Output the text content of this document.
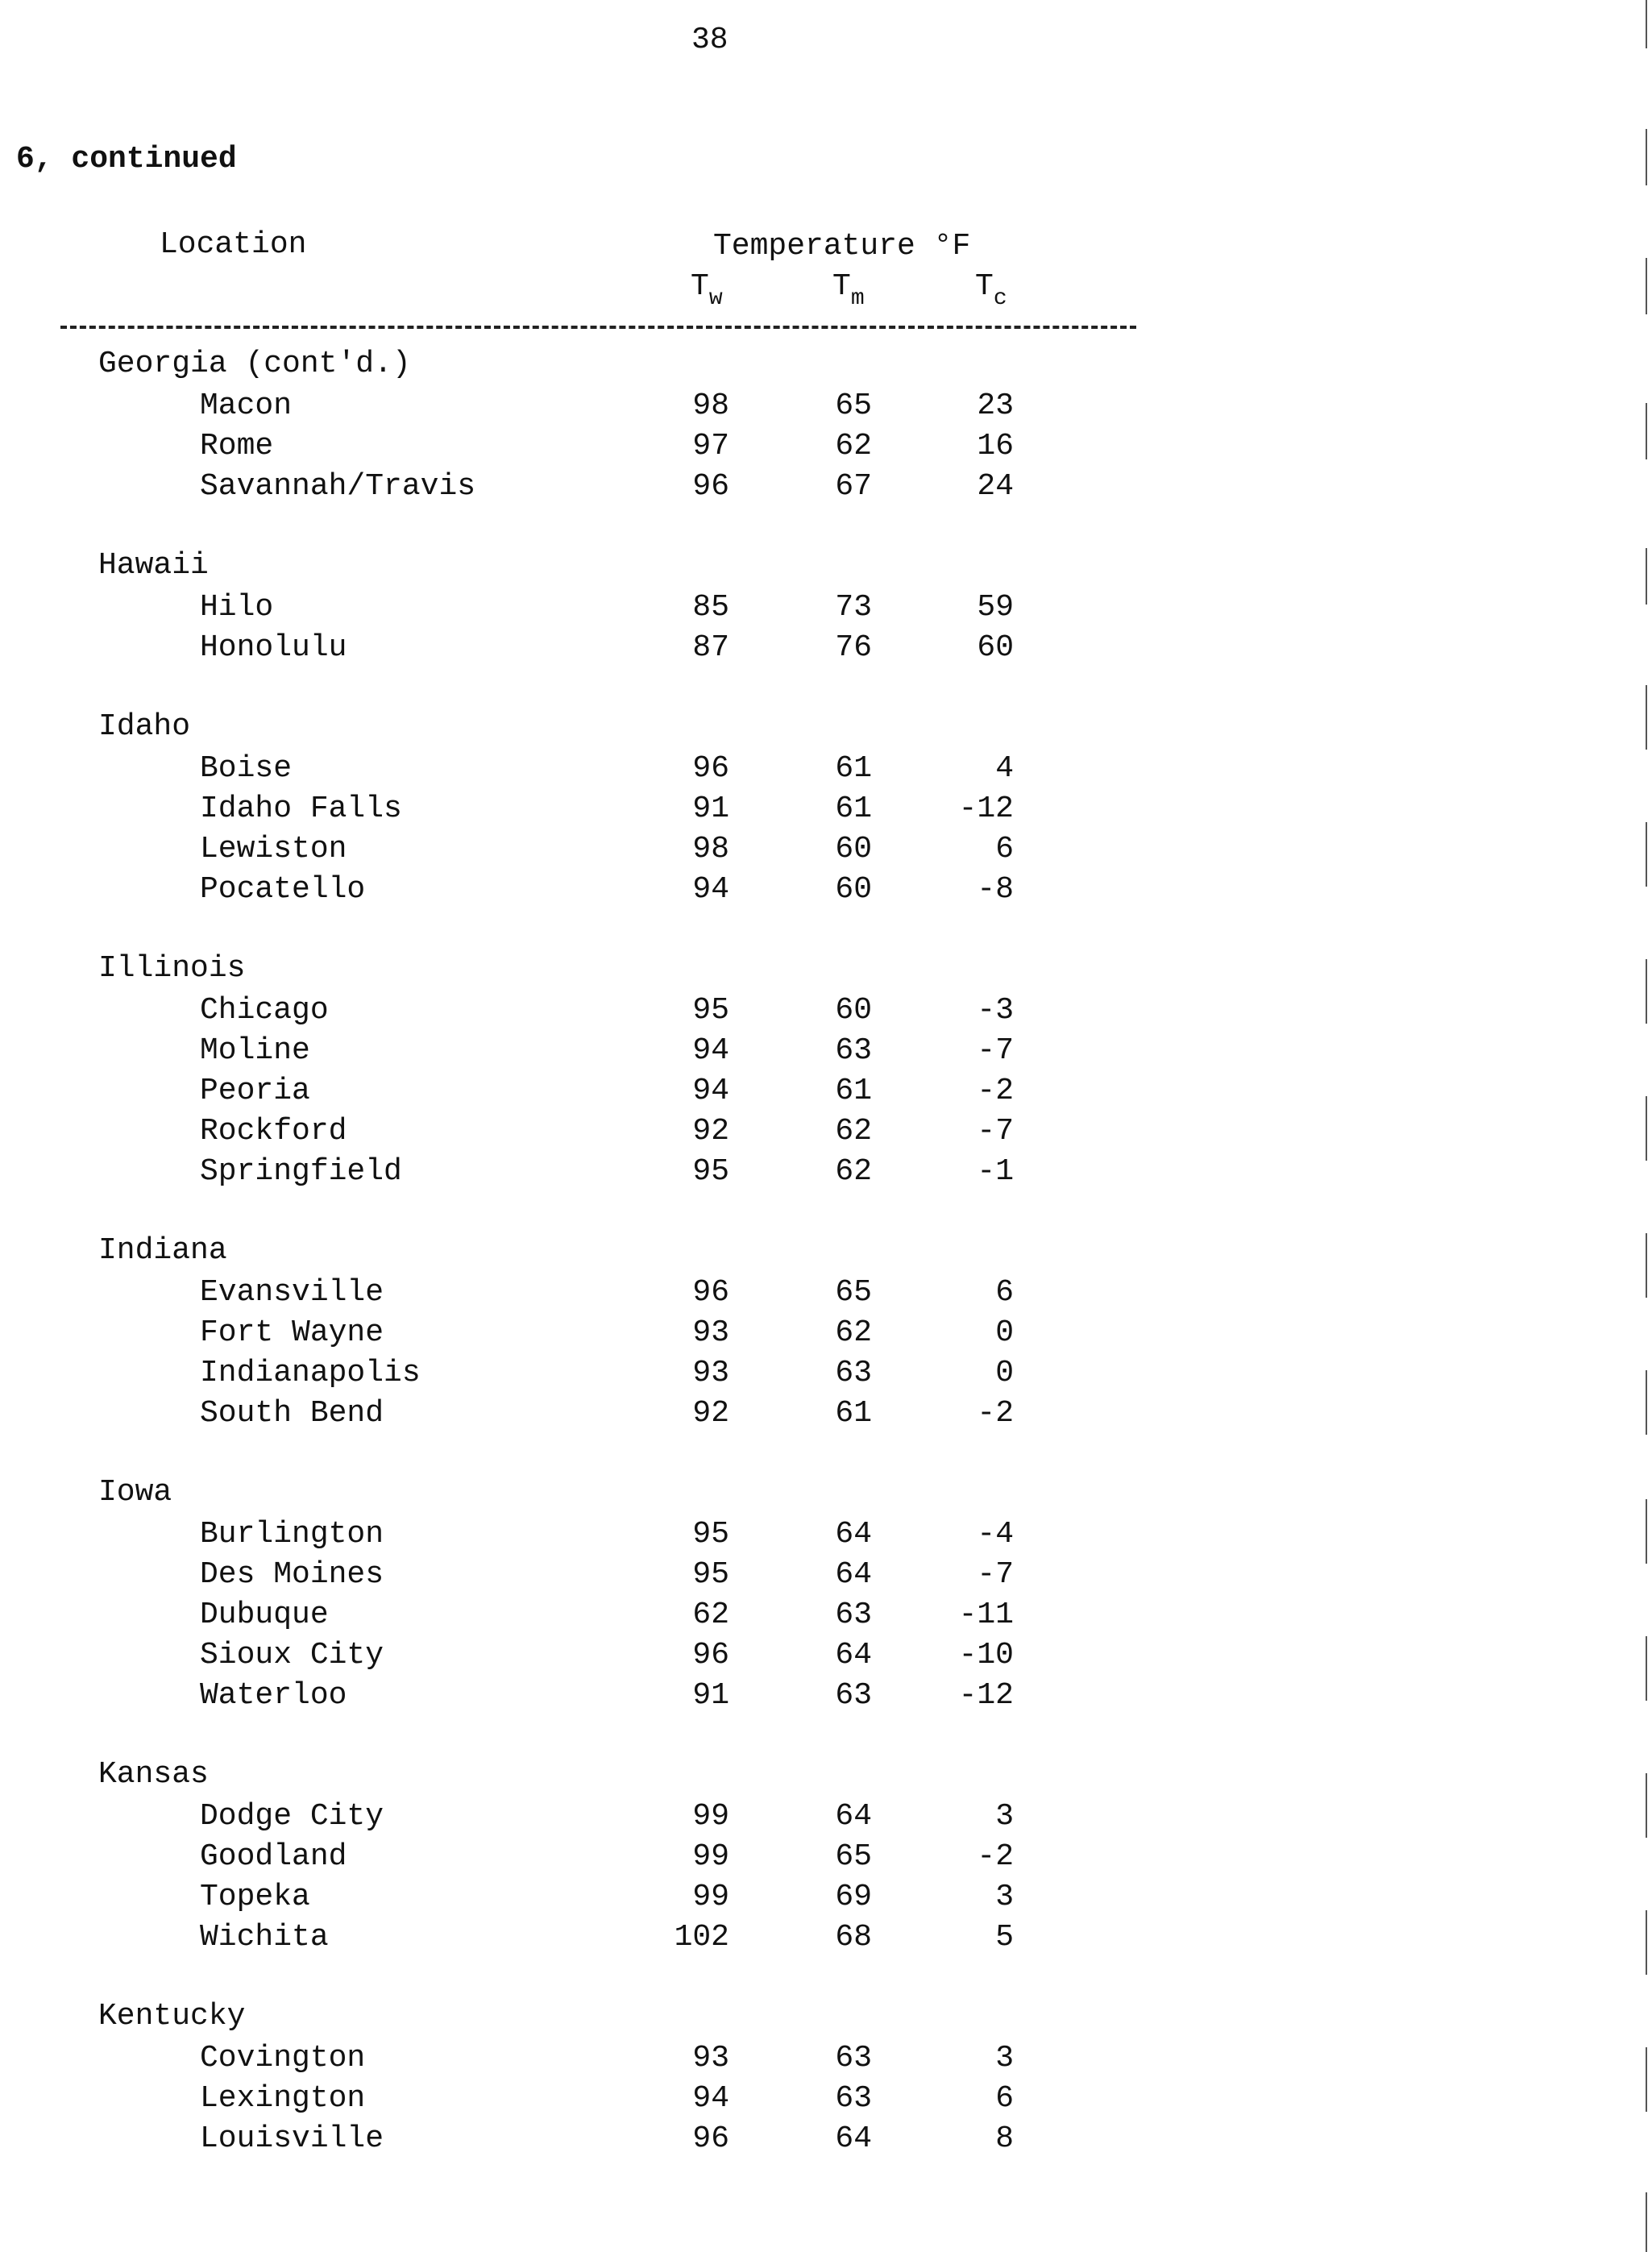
38
6, continued
Location	Temperature °F
$T_w$	$T_m$	$T_c$
Georgia (cont'd.)
Macon	98	65	23
Rome	97	62	16
Savannah/Travis	96	67	24
Hawaii
Hilo	85	73	59
Honolulu	87	76	60
Idaho
Boise	96	61	4
Idaho Falls	91	61	-12
Lewiston	98	60	6
Pocatello	94	60	-8
Illinois
Chicago	95	60	-3
Moline	94	63	-7
Peoria	94	61	-2
Rockford	92	62	-7
Springfield	95	62	-1
Indiana
Evansville	96	65	6
Fort Wayne	93	62	0
Indianapolis	93	63	0
South Bend	92	61	-2
Iowa
Burlington	95	64	-4
Des Moines	95	64	-7
Dubuque	62	63	-11
Sioux City	96	64	-10
Waterloo	91	63	-12
Kansas
Dodge City	99	64	3
Goodland	99	65	-2
Topeka	99	69	3
Wichita	102	68	5
Kentucky
Covington	93	63	3
Lexington	94	63	6
Louisville	96	64	8
